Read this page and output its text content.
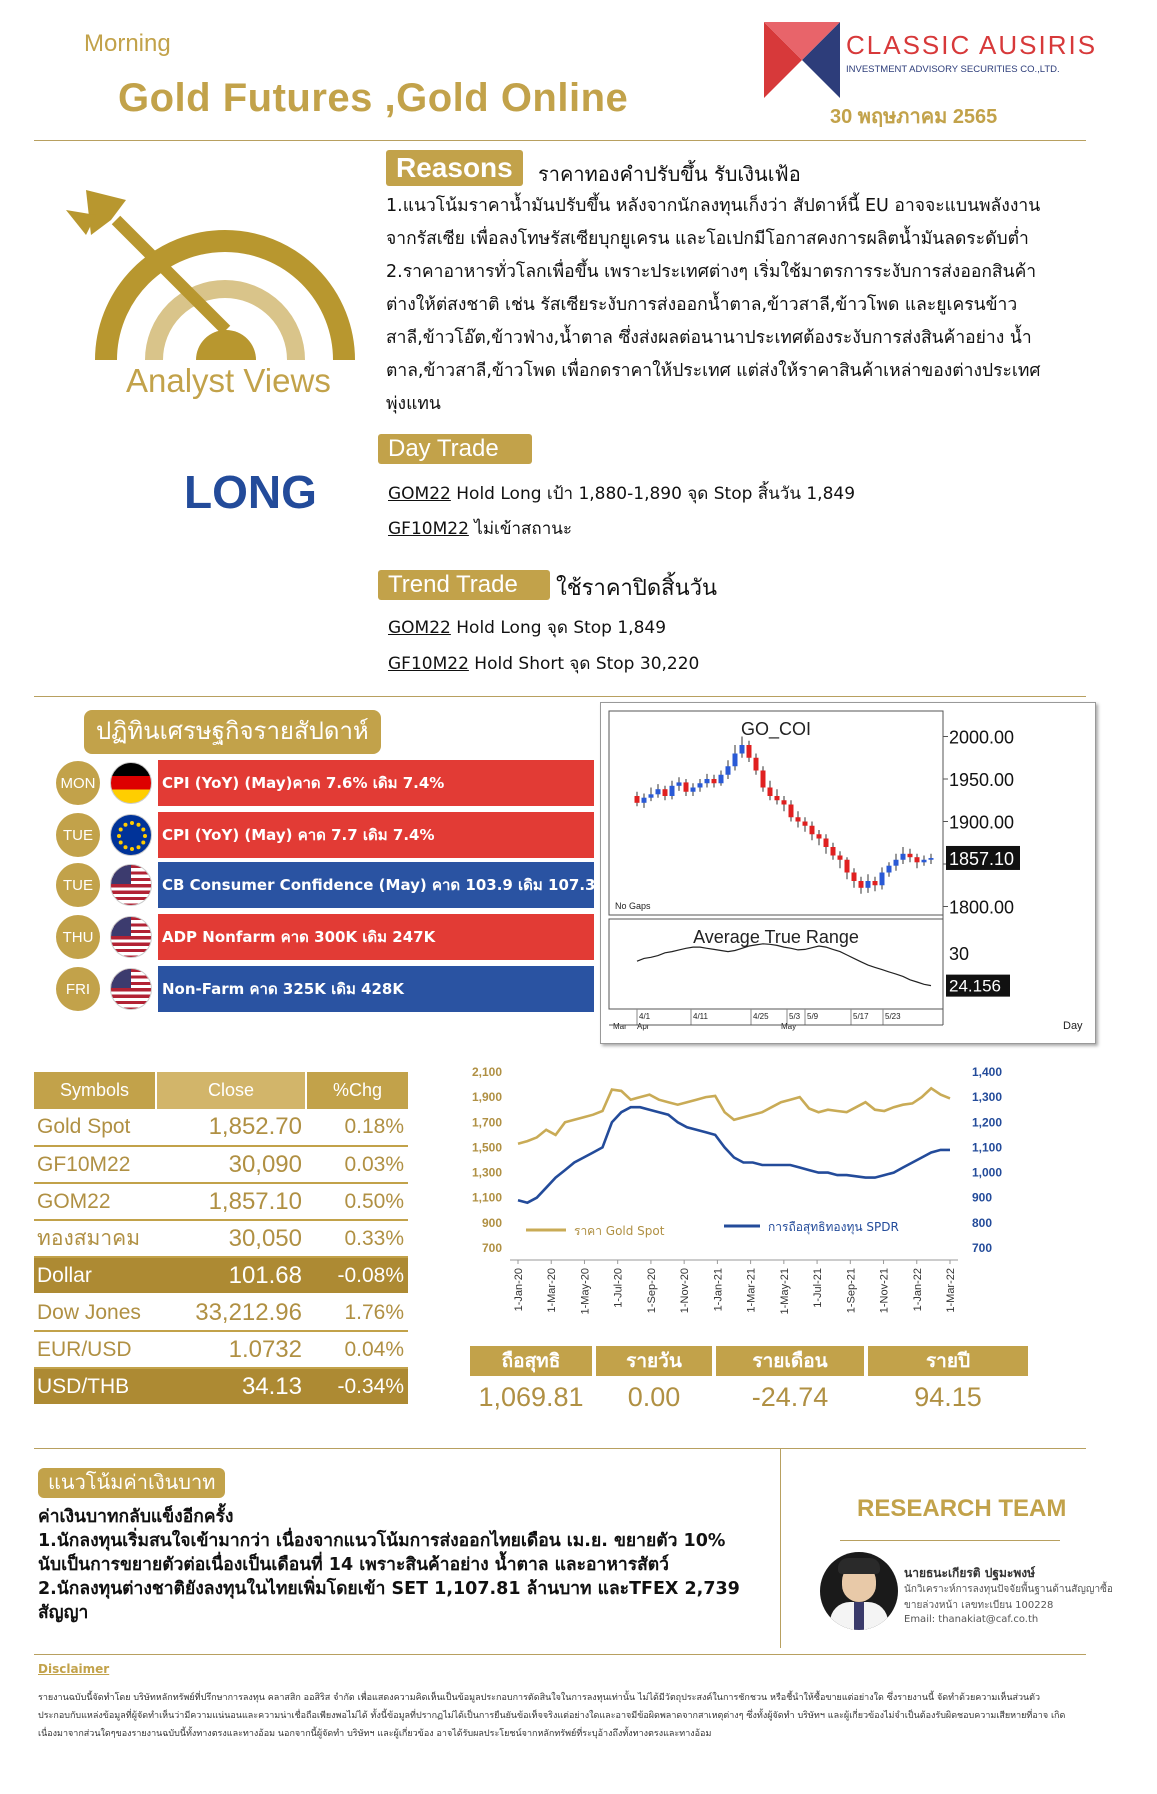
Morning
Gold Futures ,Gold Online
CLASSIC AUSIRIS
INVESTMENT ADVISORY SECURITIES CO.,LTD.
30 พฤษภาคม 2565
Analyst Views
LONG
Reasons	ราคาทองคำปรับขึ้น รับเงินเฟ้อ
1.แนวโน้มราคาน้ำมันปรับขึ้น หลังจากนักลงทุนเก็งว่า สัปดาห์นี้ EU อาจจะแบนพลังงาน
จากรัสเซีย เพื่อลงโทษรัสเซียบุกยูเครน และโอเปกมีโอกาสคงการผลิตน้ำมันลดระดับต่ำ
2.ราคาอาหารทั่วโลกเพื่อขึ้น เพราะประเทศต่างๆ เริ่มใช้มาตรการระงับการส่งออกสินค้า
ต่างให้ต่สงชาติ เช่น รัสเซียระงับการส่งออกน้ำตาล,ข้าวสาลี,ข้าวโพด และยูเครนข้าว
สาลี,ข้าวโอ๊ต,ข้าวฟ่าง,น้ำตาล ซึ่งส่งผลต่อนานาประเทศต้องระงับการส่งสินค้าอย่าง น้ำ
ตาล,ข้าวสาลี,ข้าวโพด เพื่อกดราคาให้ประเทศ แต่ส่งให้ราคาสินค้าเหล่าของต่างประเทศ
พุ่งแทน
Day Trade
GOM22 Hold Long เป้า 1,880-1,890 จุด Stop สิ้นวัน 1,849
GF10M22 ไม่เข้าสถานะ
Trend Trade	ใช้ราคาปิดสิ้นวัน
GOM22 Hold Long จุด Stop 1,849
GF10M22 Hold Short จุด Stop 30,220
ปฏิทินเศรษฐกิจรายสัปดาห์
MON	CPI (YoY) (May)คาด 7.6% เดิม 7.4%
TUE	CPI (YoY) (May) คาด 7.7 เดิม 7.4%
TUE	CB Consumer Confidence (May) คาด 103.9 เดิม 107.3
THU	ADP Nonfarm คาด 300K เดิม 247K
FRI	Non-Farm คาด 325K เดิม 428K
GO_COI
No Gaps
2000.00
1950.00
1900.00
1800.00
1857.10
Average True Range
30
24.156
4/1	4/11	4/25	5/3 5/9	5/17 5/23
Mar Apr	May	Day
Symbols	Close	%Chg
Gold Spot	1,852.70	0.18%
GF10M22	30,090	0.03%
GOM22	1,857.10	0.50%
ทองสมาคม	30,050	0.33%
Dollar	101.68	-0.08%
Dow Jones	33,212.96	1.76%
EUR/USD	1.0732	0.04%
USD/THB	34.13	-0.34%
2,100
1,900
1,700
1,500
1,300
1,100
900
700
1,400
1,300
1,200
1,100
1,000
900
800
700
1-Jan-20 1-Mar-20 1-May-20 1-Jul-20 1-Sep-20 1-Nov-20 1-Jan-21 1-Mar-21 1-May-21 1-Jul-21 1-Sep-21 1-Nov-21 1-Jan-22 1-Mar-22
ราคา Gold Spot	การถือสุทธิทองทุน SPDR
ถือสุทธิ	รายวัน	รายเดือน	รายปี
1,069.81	0.00	-24.74	94.15
แนวโน้มค่าเงินบาท
ค่าเงินบาทกลับแข็งอีกครั้ง
1.นักลงทุนเริ่มสนใจเข้ามากว่า เนื่องจากแนวโน้มการส่งออกไทยเดือน เม.ย. ขยายตัว 10%
นับเป็นการขยายตัวต่อเนื่องเป็นเดือนที่ 14 เพราะสินค้าอย่าง น้ำตาล และอาหารสัตว์
2.นักลงทุนต่างชาติยังลงทุนในไทยเพิ่มโดยเข้า SET 1,107.81 ล้านบาท และTFEX 2,739
สัญญา
RESEARCH TEAM
นายธนะเกียรติ ปฐมะพงษ์
นักวิเคราะห์การลงทุนปัจจัยพื้นฐานด้านสัญญาซื้อ
ขายล่วงหน้า เลขทะเบียน 100228
Email: thanakiat@caf.co.th
Disclaimer
รายงานฉบับนี้จัดทำโดย บริษัทหลักทรัพย์ที่ปรึกษาการลงทุน คลาสสิก ออสิริส จำกัด เพื่อแสดงความคิดเห็นเป็นข้อมูลประกอบการตัดสินใจในการลงทุนเท่านั้น ไม่ได้มีวัตถุประสงค์ในการชักชวน หรือชี้นำให้ซื้อขายแต่อย่างใด ซึ่งรายงานนี้ จัดทำด้วยความเห็นส่วนตัว
ประกอบกับแหล่งข้อมูลที่ผู้จัดทำเห็นว่ามีความแน่นอนและความน่าเชื่อถือเพียงพอไม่ได้ ทั้งนี้ข้อมูลที่ปรากฏไม่ได้เป็นการยืนยันข้อเท็จจริงแต่อย่างใดและอาจมีข้อผิดพลาดจากสาเหตุต่างๆ ซึ่งทั้งผู้จัดทำ บริษัทฯ และผู้เกี่ยวข้องไม่จำเป็นต้องรับผิดชอบความเสียหายที่อาจ เกิด
เนื่องมาจากส่วนใดๆของรายงานฉบับนี้ทั้งทางตรงและทางอ้อม นอกจากนี้ผู้จัดทำ บริษัทฯ และผู้เกี่ยวข้อง อาจได้รับผลประโยชน์จากหลักทรัพย์ที่ระบุอ้างถึงทั้งทางตรงและทางอ้อม
